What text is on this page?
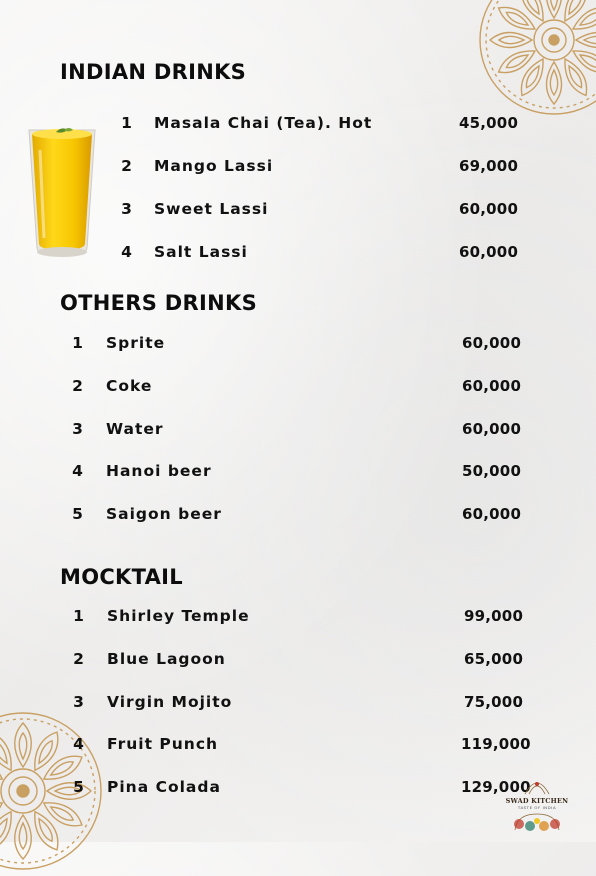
INDIAN DRINKS
1 Masala Chai (Tea). Hot	45,000
2 Mango Lassi	69,000
3 Sweet Lassi	60,000
4 Salt Lassi	60,000
OTHERS DRINKS
1 Sprite	60,000
2 Coke	60,000
3 Water	60,000
4 Hanoi beer	50,000
5 Saigon beer	60,000
MOCKTAIL
1 Shirley Temple	99,000
2 Blue Lagoon	65,000
3 Virgin Mojito	75,000
4 Fruit Punch	119,000
5 Pina Colada	129,000
SWAD KITCHEN
TASTE OF INDIA
